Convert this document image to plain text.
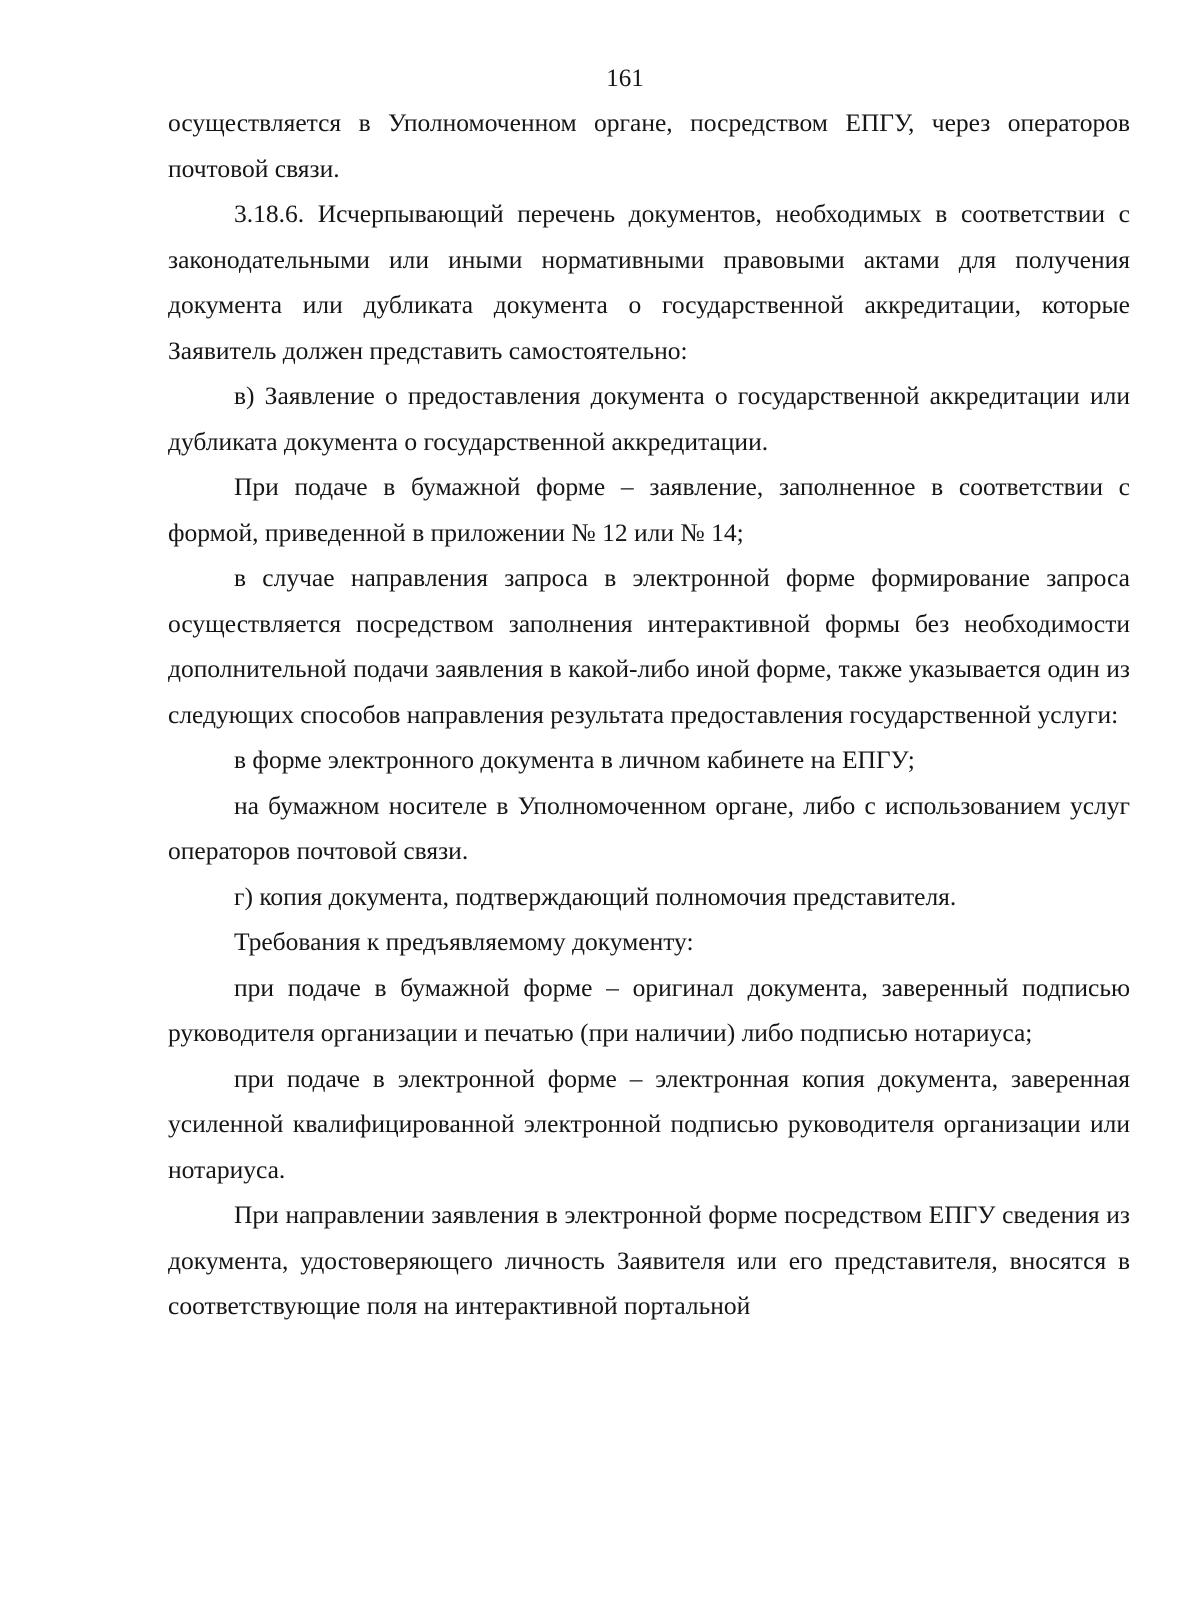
161

осуществляется в Уполномоченном органе, посредством ЕПГУ, через операторов почтовой связи.

3.18.6. Исчерпывающий перечень документов, необходимых в соответствии с законодательными или иными нормативными правовыми актами для получения документа или дубликата документа о государственной аккредитации, которые Заявитель должен представить самостоятельно:

в) Заявление о предоставления документа о государственной аккредитации или дубликата документа о государственной аккредитации.

При подаче в бумажной форме – заявление, заполненное в соответствии с формой, приведенной в приложении № 12 или № 14;

в случае направления запроса в электронной форме формирование запроса осуществляется посредством заполнения интерактивной формы без необходимости дополнительной подачи заявления в какой-либо иной форме, также указывается один из следующих способов направления результата предоставления государственной услуги:

в форме электронного документа в личном кабинете на ЕПГУ;

на бумажном носителе в Уполномоченном органе, либо с использованием услуг операторов почтовой связи.

г) копия документа, подтверждающий полномочия представителя.

Требования к предъявляемому документу:

при подаче в бумажной форме – оригинал документа, заверенный подписью руководителя организации и печатью (при наличии) либо подписью нотариуса;

при подаче в электронной форме – электронная копия документа, заверенная усиленной квалифицированной электронной подписью руководителя организации или нотариуса.

При направлении заявления в электронной форме посредством ЕПГУ сведения из документа, удостоверяющего личность Заявителя или его представителя, вносятся в соответствующие поля на интерактивной портальной
